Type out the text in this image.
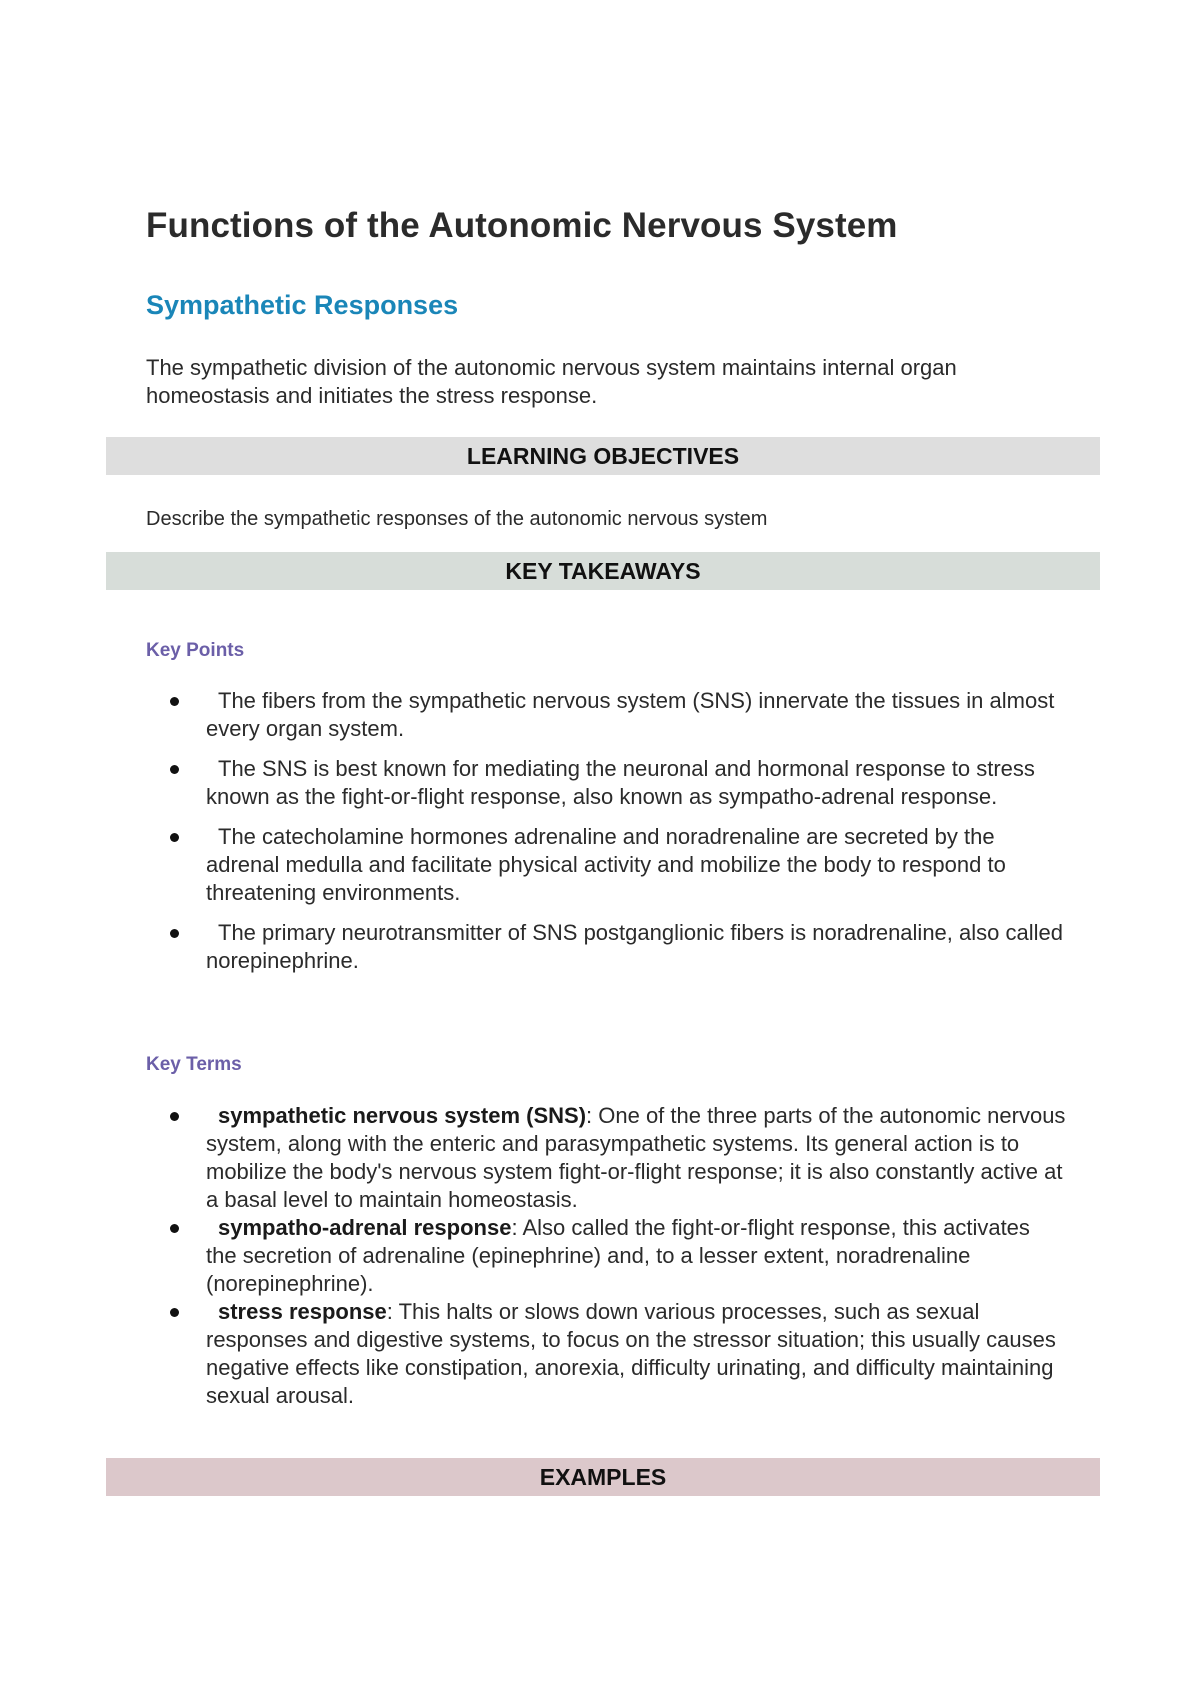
Functions of the Autonomic Nervous System
Sympathetic Responses

The sympathetic division of the autonomic nervous system maintains internal organ homeostasis and initiates the stress response.

LEARNING OBJECTIVES

Describe the sympathetic responses of the autonomic nervous system

KEY TAKEAWAYS

Key Points

The fibers from the sympathetic nervous system (SNS) innervate the tissues in almost every organ system.
The SNS is best known for mediating the neuronal and hormonal response to stress known as the fight-or-flight response, also known as sympatho-adrenal response.
The catecholamine hormones adrenaline and noradrenaline are secreted by the adrenal medulla and facilitate physical activity and mobilize the body to respond to threatening environments.
The primary neurotransmitter of SNS postganglionic fibers is noradrenaline, also called norepinephrine.

Key Terms

sympathetic nervous system (SNS): One of the three parts of the autonomic nervous system, along with the enteric and parasympathetic systems. Its general action is to mobilize the body's nervous system fight-or-flight response; it is also constantly active at a basal level to maintain homeostasis.
sympatho-adrenal response: Also called the fight-or-flight response, this activates the secretion of adrenaline (epinephrine) and, to a lesser extent, noradrenaline (norepinephrine).
stress response: This halts or slows down various processes, such as sexual responses and digestive systems, to focus on the stressor situation; this usually causes negative effects like constipation, anorexia, difficulty urinating, and difficulty maintaining sexual arousal.
EXAMPLES
